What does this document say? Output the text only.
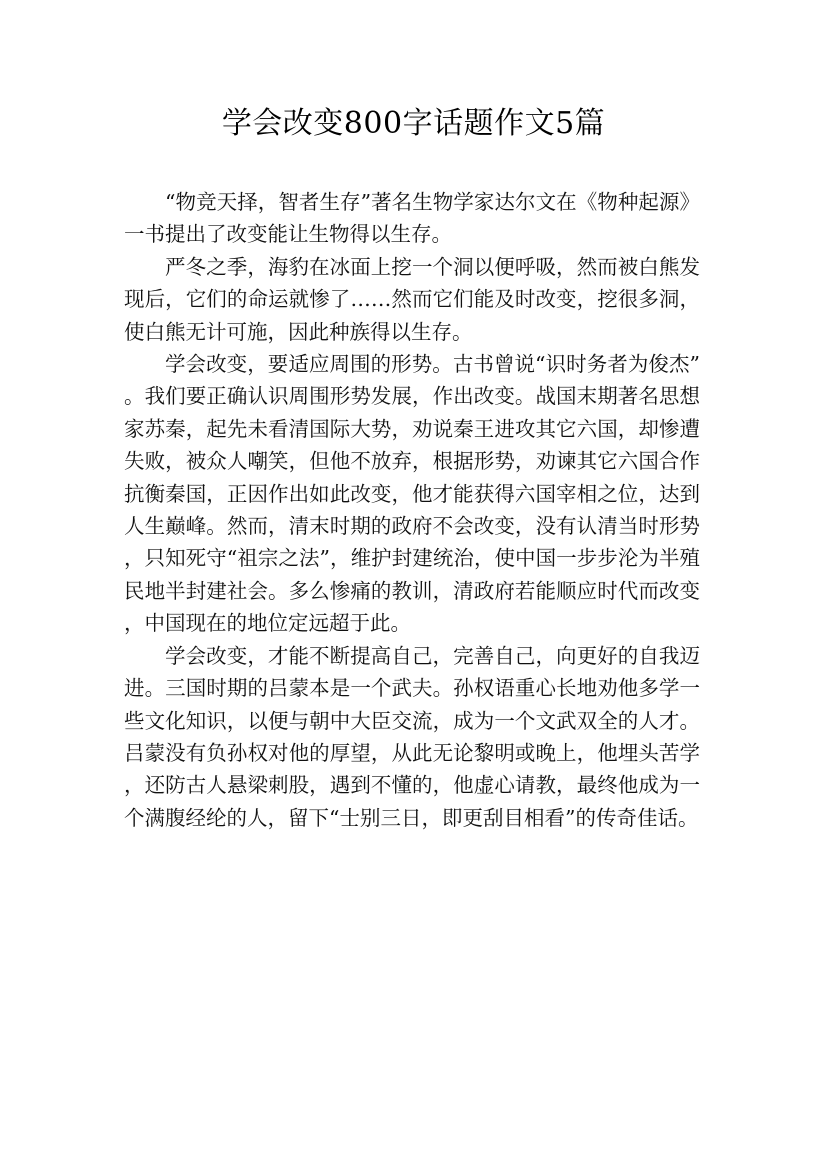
学会改变800字话题作文5篇

“物竞天择，智者生存”著名生物学家达尔文在《物种起源》一书提出了改变能让生物得以生存。

严冬之季，海豹在冰面上挖一个洞以便呼吸，然而被白熊发现后，它们的命运就惨了……然而它们能及时改变，挖很多洞，使白熊无计可施，因此种族得以生存。

学会改变，要适应周围的形势。古书曾说“识时务者为俊杰”。我们要正确认识周围形势发展，作出改变。战国末期著名思想家苏秦，起先未看清国际大势，劝说秦王进攻其它六国，却惨遭失败，被众人嘲笑，但他不放弃，根据形势，劝谏其它六国合作抗衡秦国，正因作出如此改变，他才能获得六国宰相之位，达到人生巅峰。然而，清末时期的政府不会改变，没有认清当时形势，只知死守“祖宗之法”，维护封建统治，使中国一步步沦为半殖民地半封建社会。多么惨痛的教训，清政府若能顺应时代而改变，中国现在的地位定远超于此。

学会改变，才能不断提高自己，完善自己，向更好的自我迈进。三国时期的吕蒙本是一个武夫。孙权语重心长地劝他多学一些文化知识，以便与朝中大臣交流，成为一个文武双全的人才。吕蒙没有负孙权对他的厚望，从此无论黎明或晚上，他埋头苦学，还防古人悬梁刺股，遇到不懂的，他虚心请教，最终他成为一个满腹经纶的人，留下“士别三日，即更刮目相看”的传奇佳话。
